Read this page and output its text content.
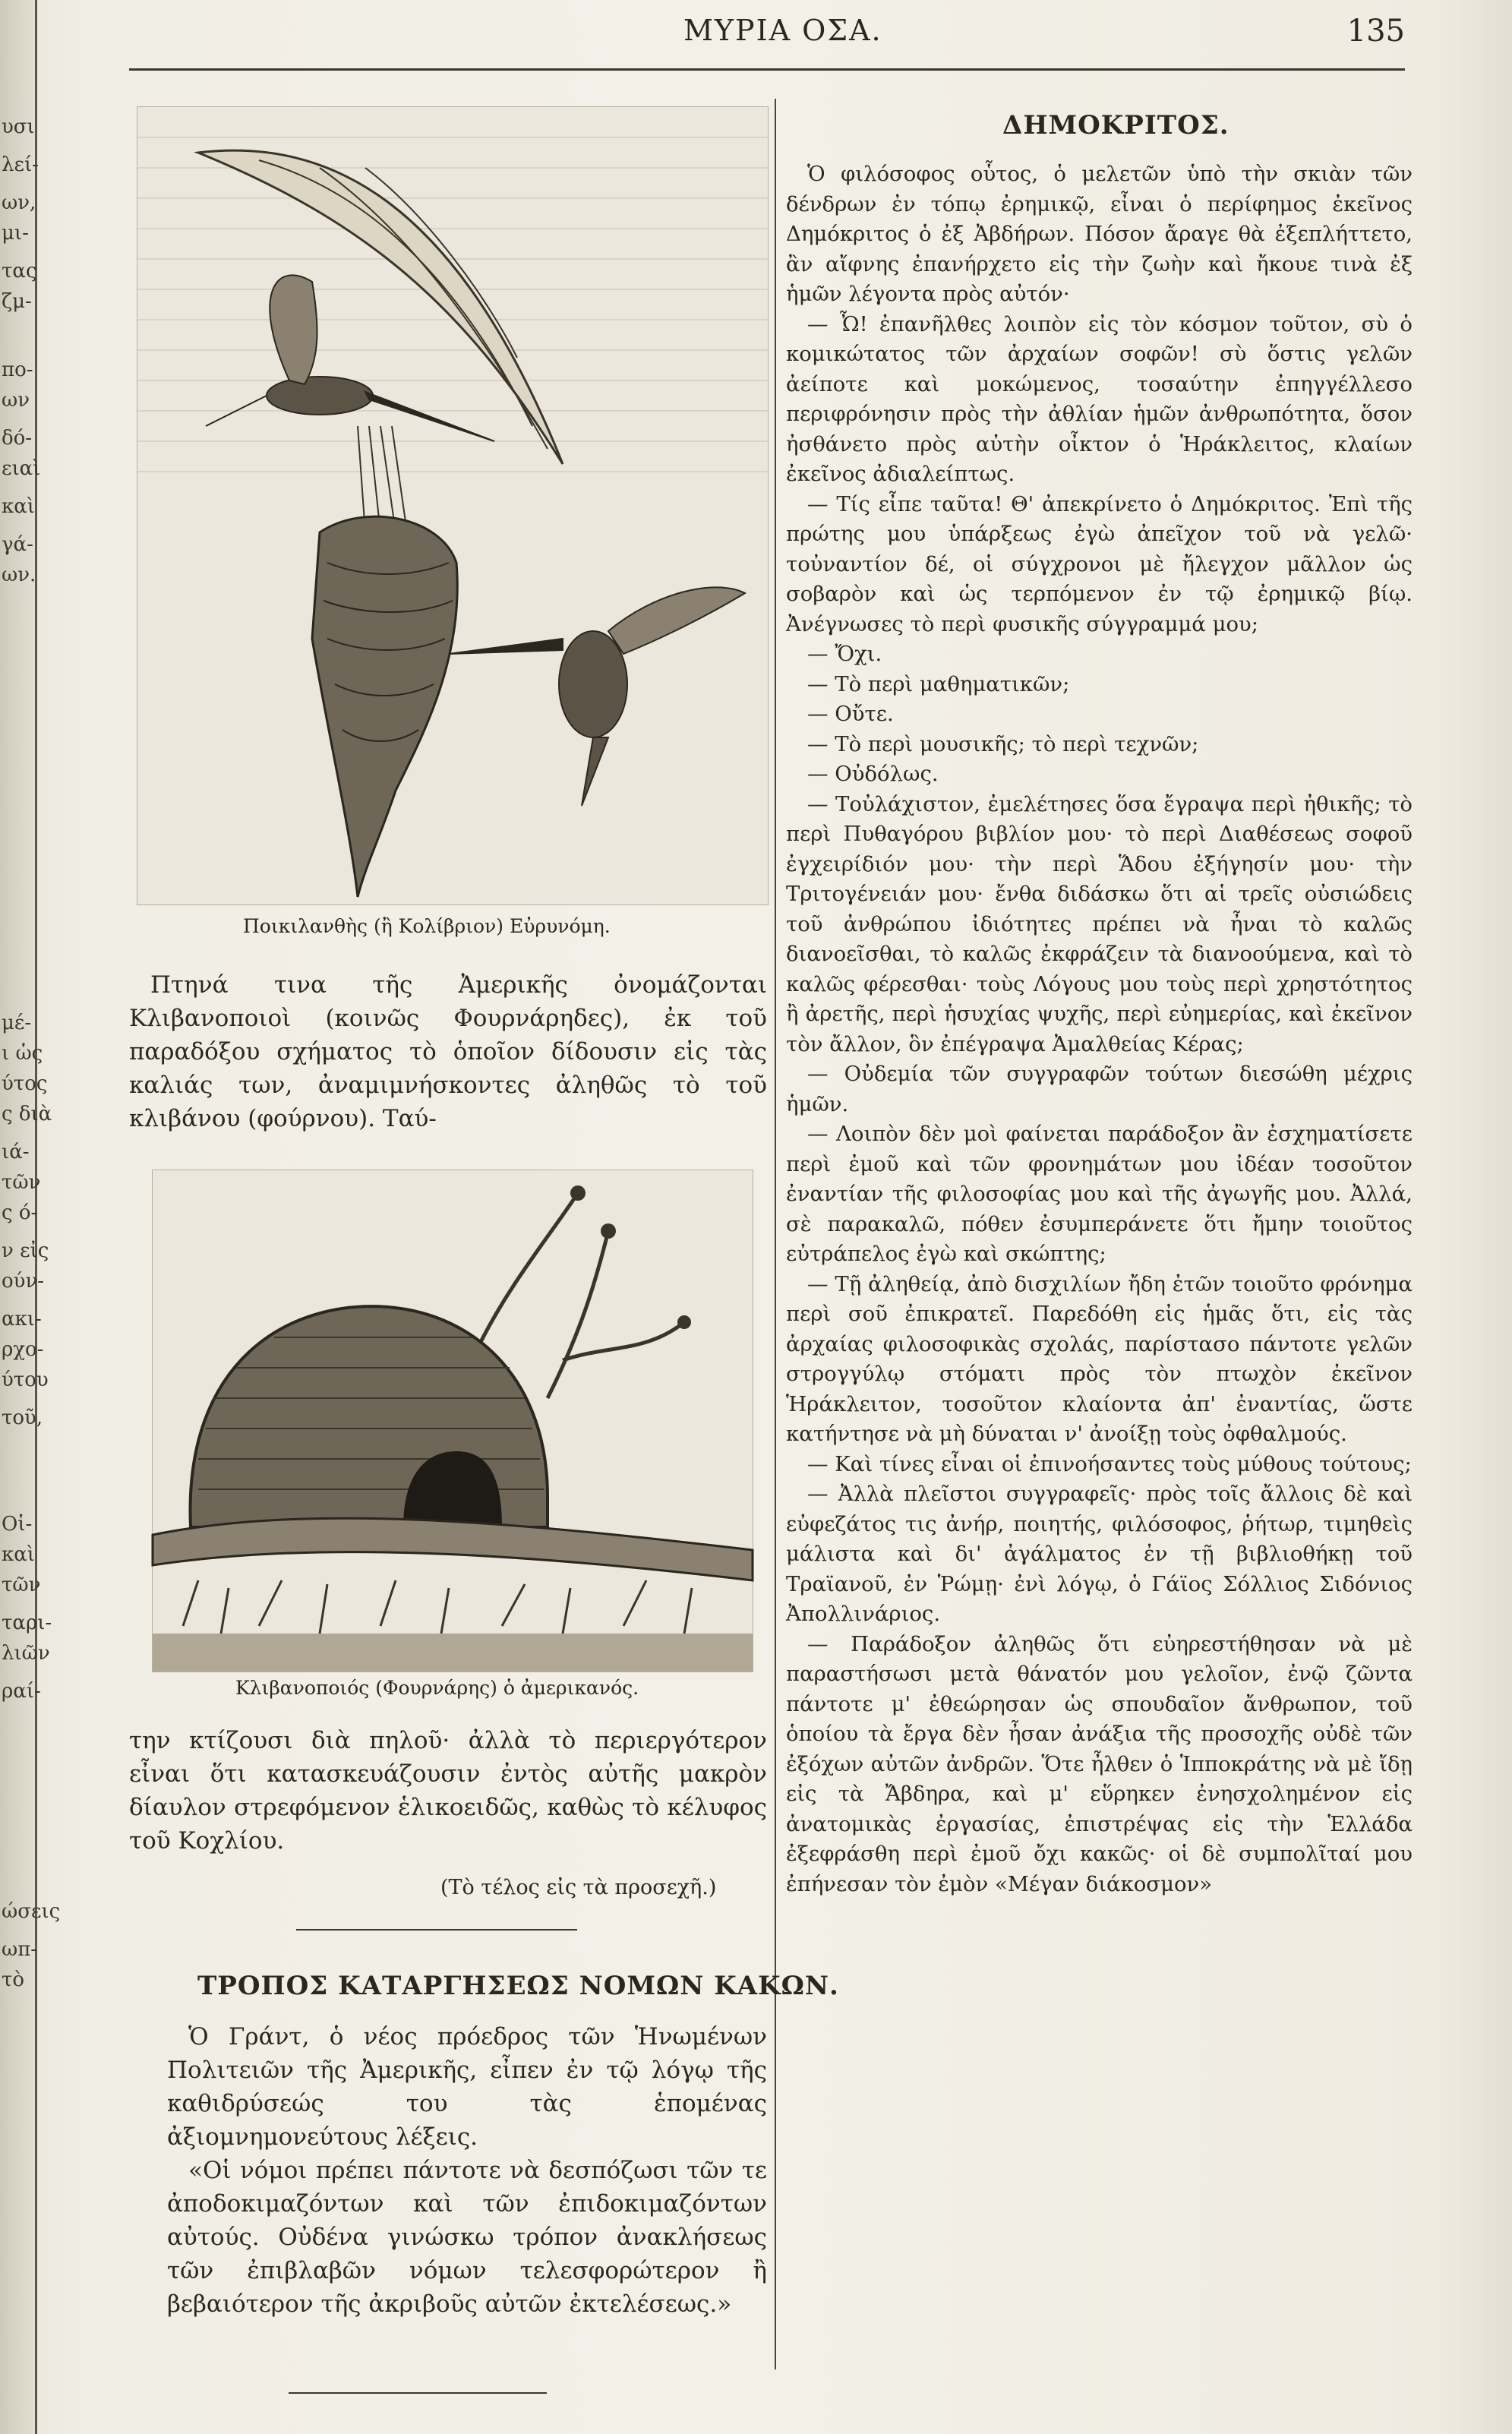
υσι
λεί-
ων,
μι-
τας
ζμ-
πο-
ων
δό-
ειαὶ
καὶ
γά-
ων.
μέ-
ι ὡς
ύτος
ς διὰ
ιά-
τῶν
ς ό-
ν εἰς
ούν-
ακι-
ρχο-
ύτου
τοῦ,
Οἱ-
καὶ
τῶν
ταρι-
λιῶν
ραί-
ώσεις
ωπ-
τὸ
ΜΥΡΙΑ ΟΣΑ.	135
Ποικιλανθὴς (ἢ Κολίβριον) Εὐρυνόμη.

Πτηνά τινα τῆς Ἀμερικῆς ὀνομάζονται Κλιβανοποιοὶ (κοινῶς Φουρνάρηδες), ἐκ τοῦ παραδόξου σχήματος τὸ ὁποῖον δίδουσιν εἰς τὰς καλιάς των, ἀναμιμνήσκοντες ἀληθῶς τὸ τοῦ κλιβάνου (φούρνου). Ταύ-

Κλιβανοποιός (Φουρνάρης) ὁ ἀμερικανός.

την κτίζουσι διὰ πηλοῦ· ἀλλὰ τὸ περιεργότερον εἶναι ὅτι κατασκευάζουσιν ἐντὸς αὐτῆς μακρὸν δίαυλον στρεφόμενον ἑλικοειδῶς, καθὼς τὸ κέλυφος τοῦ Κοχλίου.

(Τὸ τέλος εἰς τὰ προσεχῆ.)
ΤΡΟΠΟΣ ΚΑΤΑΡΓΗΣΕΩΣ ΝΟΜΩΝ ΚΑΚΩΝ.

Ὁ Γράντ, ὁ νέος πρόεδρος τῶν Ἡνωμένων Πολιτειῶν τῆς Ἀμερικῆς, εἶπεν ἐν τῷ λόγῳ τῆς καθιδρύσεώς του τὰς ἑπομένας ἀξιομνημονεύτους λέξεις.

«Οἱ νόμοι πρέπει πάντοτε νὰ δεσπόζωσι τῶν τε ἀποδοκιμαζόντων καὶ τῶν ἐπιδοκιμαζόντων αὐτούς. Οὐδένα γινώσκω τρόπον ἀνακλήσεως τῶν ἐπιβλαβῶν νόμων τελεσφορώτερον ἢ βεβαιότερον τῆς ἀκριβοῦς αὐτῶν ἐκτελέσεως.»

ΔΗΜΟΚΡΙΤΟΣ.

Ὁ φιλόσοφος οὗτος, ὁ μελετῶν ὑπὸ τὴν σκιὰν τῶν δένδρων ἐν τόπῳ ἐρημικῷ, εἶναι ὁ περίφημος ἐκεῖνος Δημόκριτος ὁ ἐξ Ἀβδήρων. Πόσον ἄραγε θὰ ἐξεπλήττετο, ἂν αἴφνης ἐπανήρχετο εἰς τὴν ζωὴν καὶ ἤκουε τινὰ ἐξ ἡμῶν λέγοντα πρὸς αὐτόν·

— Ὦ! ἐπανῆλθες λοιπὸν εἰς τὸν κόσμον τοῦτον, σὺ ὁ κομικώτατος τῶν ἀρχαίων σοφῶν! σὺ ὅστις γελῶν ἀείποτε καὶ μοκώμενος, τοσαύτην ἐπηγγέλλεσο περιφρόνησιν πρὸς τὴν ἀθλίαν ἡμῶν ἀνθρωπότητα, ὅσον ἠσθάνετο πρὸς αὐτὴν οἶκτον ὁ Ἡράκλειτος, κλαίων ἐκεῖνος ἀδιαλείπτως.

— Τίς εἶπε ταῦτα! Θ' ἀπεκρίνετο ὁ Δημόκριτος. Ἐπὶ τῆς πρώτης μου ὑπάρξεως ἐγὼ ἀπεῖχον τοῦ νὰ γελῶ· τοὐναντίον δέ, οἱ σύγχρονοι μὲ ἤλεγχον μᾶλλον ὡς σοβαρὸν καὶ ὡς τερπόμενον ἐν τῷ ἐρημικῷ βίῳ. Ἀνέγνωσες τὸ περὶ φυσικῆς σύγγραμμά μου;

— Ὄχι.

— Τὸ περὶ μαθηματικῶν;

— Οὔτε.

— Τὸ περὶ μουσικῆς; τὸ περὶ τεχνῶν;

— Οὐδόλως.

— Τοὐλάχιστον, ἐμελέτησες ὅσα ἔγραψα περὶ ἠθικῆς; τὸ περὶ Πυθαγόρου βιβλίον μου· τὸ περὶ Διαθέσεως σοφοῦ ἐγχειρίδιόν μου· τὴν περὶ Ἅδου ἐξήγησίν μου· τὴν Τριτογένειάν μου· ἔνθα διδάσκω ὅτι αἱ τρεῖς οὐσιώδεις τοῦ ἀνθρώπου ἰδιότητες πρέπει νὰ ἦναι τὸ καλῶς διανοεῖσθαι, τὸ καλῶς ἐκφράζειν τὰ διανοούμενα, καὶ τὸ καλῶς φέρεσθαι· τοὺς Λόγους μου τοὺς περὶ χρηστότητος ἢ ἀρετῆς, περὶ ἡσυχίας ψυχῆς, περὶ εὐημερίας, καὶ ἐκεῖνον τὸν ἄλλον, ὃν ἐπέγραψα Ἀμαλθείας Κέρας;

— Οὐδεμία τῶν συγγραφῶν τούτων διεσώθη μέχρις ἡμῶν.

— Λοιπὸν δὲν μοὶ φαίνεται παράδοξον ἂν ἐσχηματίσετε περὶ ἐμοῦ καὶ τῶν φρονημάτων μου ἰδέαν τοσοῦτον ἐναντίαν τῆς φιλοσοφίας μου καὶ τῆς ἀγωγῆς μου. Ἀλλά, σὲ παρακαλῶ, πόθεν ἐσυμπεράνετε ὅτι ἤμην τοιοῦτος εὐτράπελος ἐγὼ καὶ σκώπτης;

— Τῇ ἀληθείᾳ, ἀπὸ δισχιλίων ἤδη ἐτῶν τοιοῦτο φρόνημα περὶ σοῦ ἐπικρατεῖ. Παρεδόθη εἰς ἡμᾶς ὅτι, εἰς τὰς ἀρχαίας φιλοσοφικὰς σχολάς, παρίστασο πάντοτε γελῶν στρογγύλῳ στόματι πρὸς τὸν πτωχὸν ἐκεῖνον Ἡράκλειτον, τοσοῦτον κλαίοντα ἀπ' ἐναντίας, ὥστε κατήντησε νὰ μὴ δύναται ν' ἀνοίξῃ τοὺς ὀφθαλμούς.

— Καὶ τίνες εἶναι οἱ ἐπινοήσαντες τοὺς μύθους τούτους;

— Ἀλλὰ πλεῖστοι συγγραφεῖς· πρὸς τοῖς ἄλλοις δὲ καὶ εὐφεζάτος τις ἀνήρ, ποιητής, φιλόσοφος, ῥήτωρ, τιμηθεὶς μάλιστα καὶ δι' ἀγάλματος ἐν τῇ βιβλιοθήκῃ τοῦ Τραϊανοῦ, ἐν Ῥώμῃ· ἐνὶ λόγῳ, ὁ Γάϊος Σόλλιος Σιδόνιος Ἀπολλινάριος.

— Παράδοξον ἀληθῶς ὅτι εὐηρεστήθησαν νὰ μὲ παραστήσωσι μετὰ θάνατόν μου γελοῖον, ἐνῷ ζῶντα πάντοτε μ' ἐθεώρησαν ὡς σπουδαῖον ἄνθρωπον, τοῦ ὁποίου τὰ ἔργα δὲν ἦσαν ἀνάξια τῆς προσοχῆς οὐδὲ τῶν ἐξόχων αὐτῶν ἀνδρῶν. Ὅτε ἦλθεν ὁ Ἱπποκράτης νὰ μὲ ἴδῃ εἰς τὰ Ἄβδηρα, καὶ μ' εὕρηκεν ἐνησχολημένον εἰς ἀνατομικὰς ἐργασίας, ἐπιστρέψας εἰς τὴν Ἑλλάδα ἐξεφράσθη περὶ ἐμοῦ ὄχι κακῶς· οἱ δὲ συμπολῖταί μου ἐπήνεσαν τὸν ἐμὸν «Μέγαν διάκοσμον»
